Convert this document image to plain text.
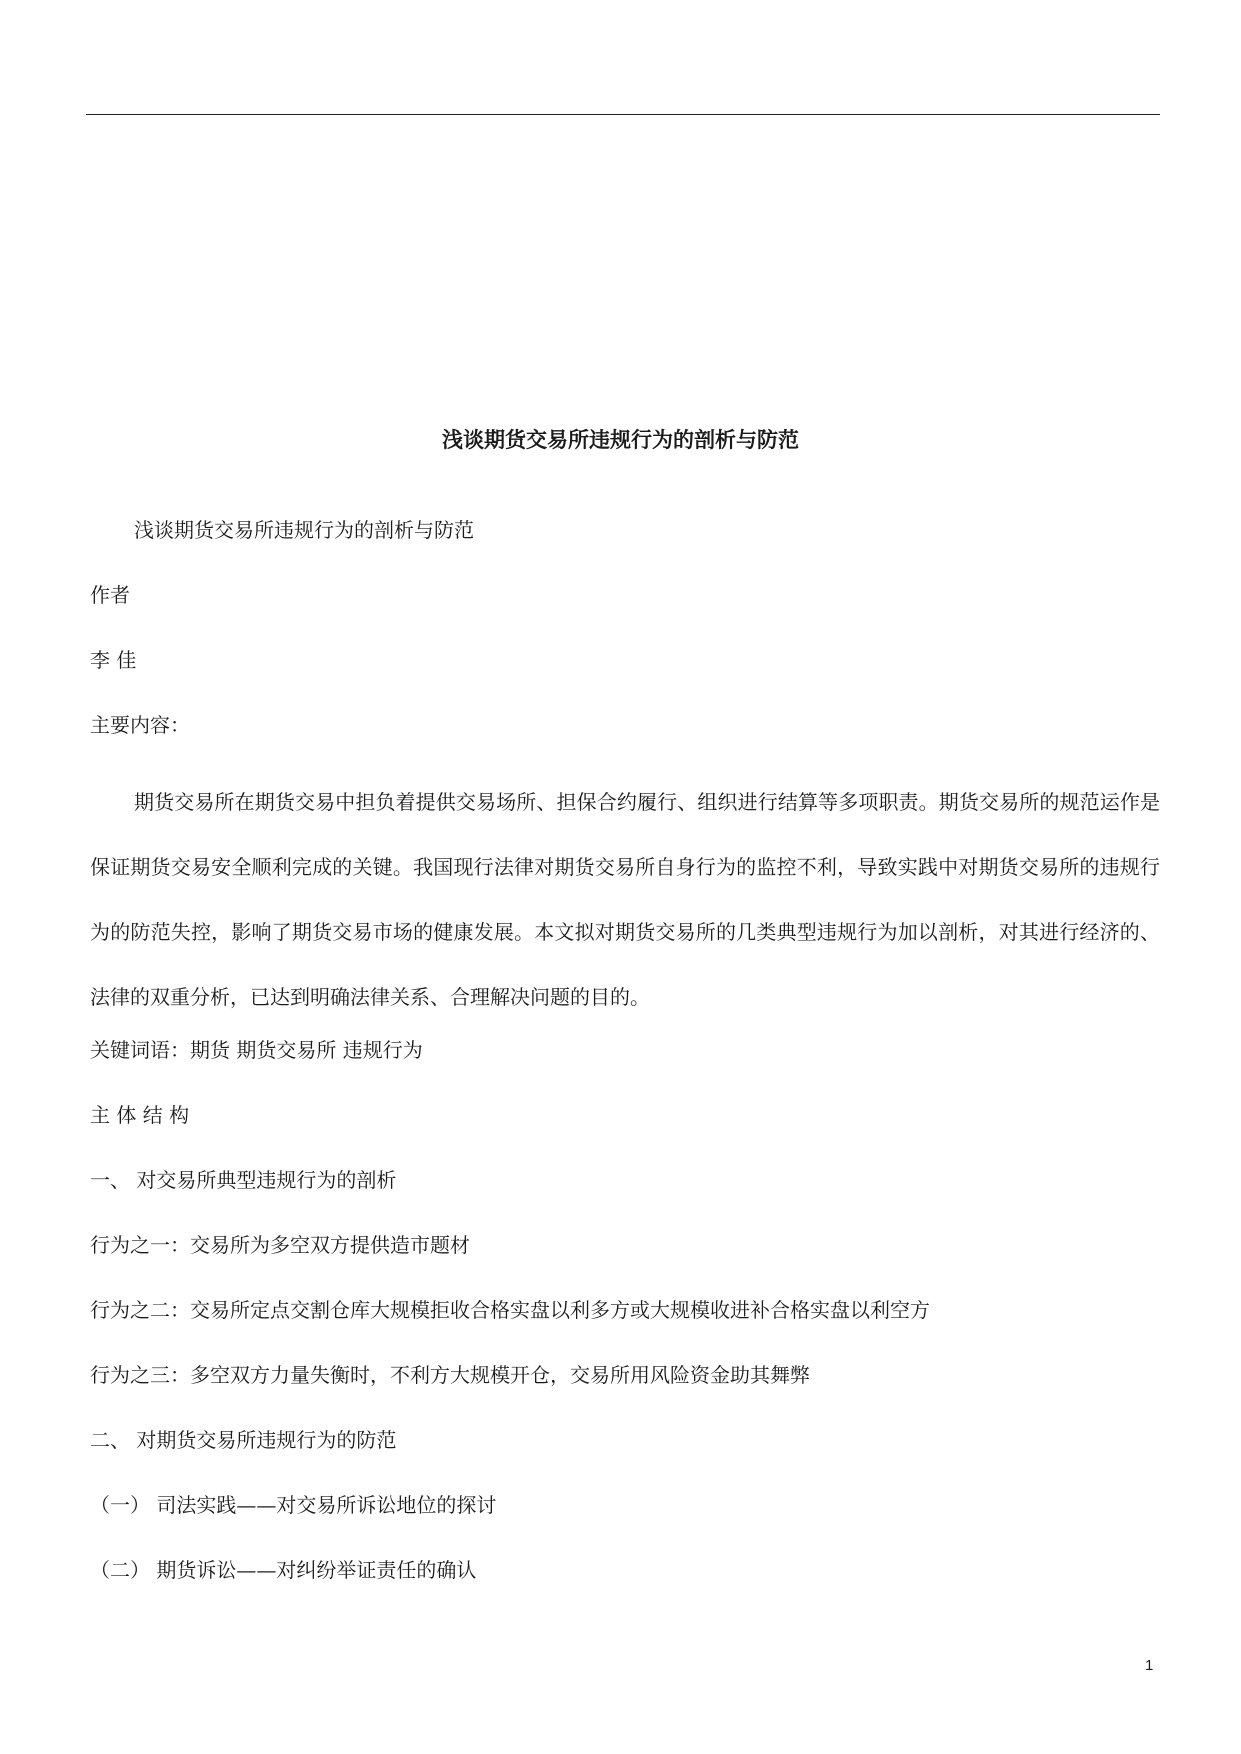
浅谈期货交易所违规行为的剖析与防范

浅谈期货交易所违规行为的剖析与防范

作者

李 佳

主要内容：

期货交易所在期货交易中担负着提供交易场所、担保合约履行、组织进行结算等多项职责。期货交易所的规范运作是保证期货交易安全顺利完成的关键。我国现行法律对期货交易所自身行为的监控不利，导致实践中对期货交易所的违规行为的防范失控，影响了期货交易市场的健康发展。本文拟对期货交易所的几类典型违规行为加以剖析，对其进行经济的、法律的双重分析，已达到明确法律关系、合理解决问题的目的。

关键词语：期货 期货交易所 违规行为

主 体 结 构

一、 对交易所典型违规行为的剖析

行为之一：交易所为多空双方提供造市题材

行为之二：交易所定点交割仓库大规模拒收合格实盘以利多方或大规模收进补合格实盘以利空方

行为之三：多空双方力量失衡时，不利方大规模开仓，交易所用风险资金助其舞弊

二、 对期货交易所违规行为的防范

（一） 司法实践——对交易所诉讼地位的探讨

（二） 期货诉讼——对纠纷举证责任的确认

1
